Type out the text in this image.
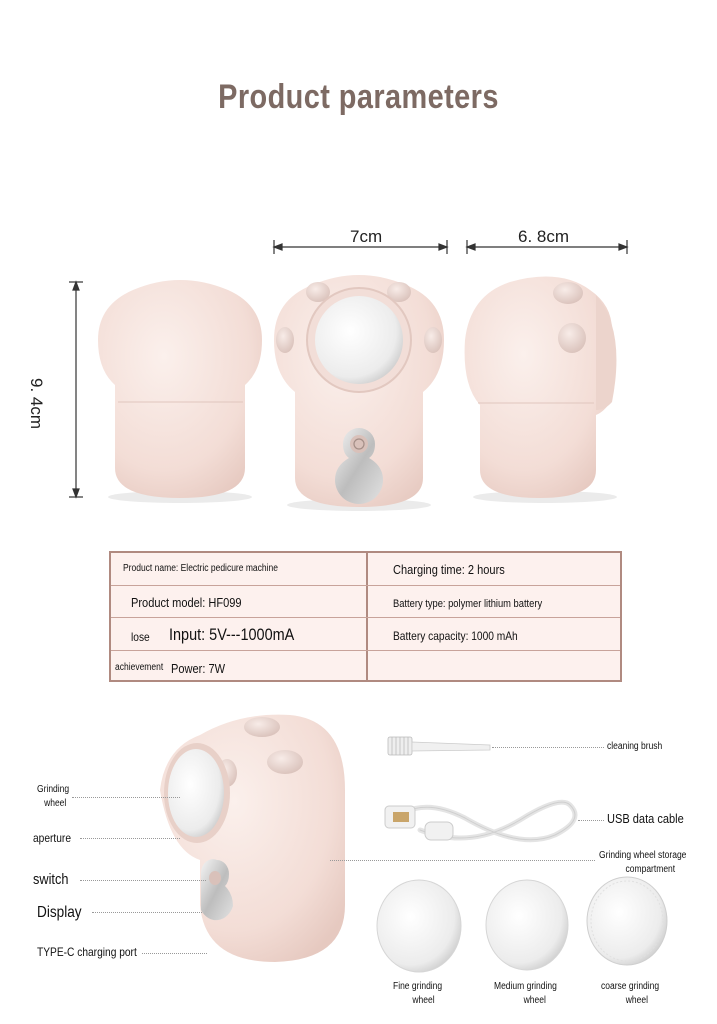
Product parameters
7cm	6. 8cm
9. 4cm
Product name: Electric pedicure machine
Product model: HF099
lose Input: 5V---1000mA
achievement Power: 7W
Charging time: 2 hours
Battery type: polymer lithium battery
Battery capacity: 1000 mAh
Grinding
wheel
aperture
switch
Display
TYPE-C charging port
cleaning brush
USB data cable
Grinding wheel storage
compartment
Fine grinding
wheel
Medium grinding
wheel
coarse grinding
wheel
